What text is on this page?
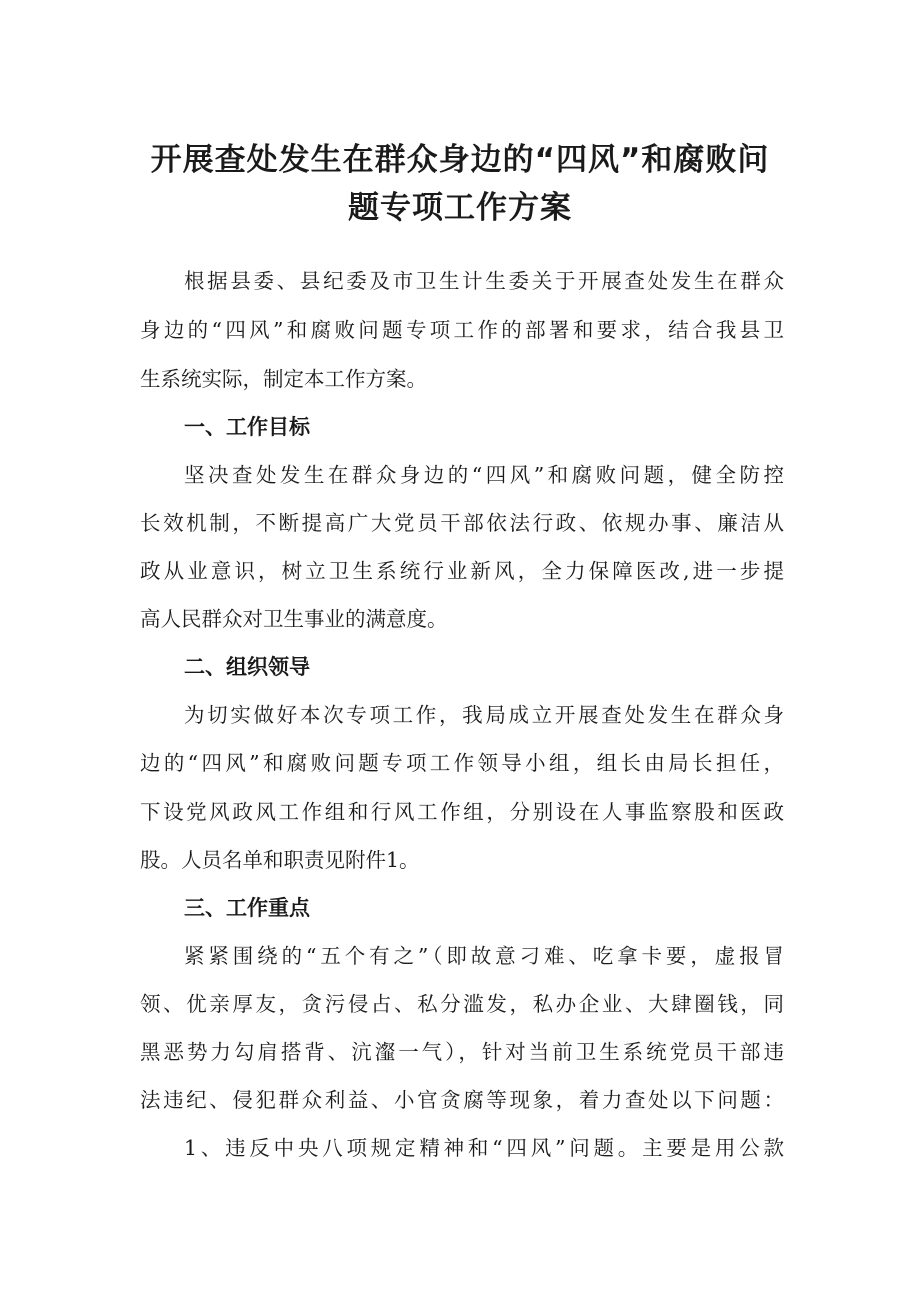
开展查处发生在群众身边的“四风”和腐败问
题专项工作方案
根据县委、县纪委及市卫生计生委关于开展查处发生在群众
身边的“四风”和腐败问题专项工作的部署和要求，结合我县卫
生系统实际，制定本工作方案。
一、工作目标
坚决查处发生在群众身边的“四风”和腐败问题，健全防控
长效机制，不断提高广大党员干部依法行政、依规办事、廉洁从
政从业意识，树立卫生系统行业新风，全力保障医改,进一步提
高人民群众对卫生事业的满意度。
二、组织领导
为切实做好本次专项工作，我局成立开展查处发生在群众身
边的“四风”和腐败问题专项工作领导小组，组长由局长担任，
下设党风政风工作组和行风工作组，分别设在人事监察股和医政
股。人员名单和职责见附件1。
三、工作重点
紧紧围绕的“五个有之”（即故意刁难、吃拿卡要，虚报冒
领、优亲厚友，贪污侵占、私分滥发，私办企业、大肆圈钱，同
黑恶势力勾肩搭背、沆瀣一气），针对当前卫生系统党员干部违
法违纪、侵犯群众利益、小官贪腐等现象，着力查处以下问题：
1、违反中央八项规定精神和“四风”问题。主要是用公款
